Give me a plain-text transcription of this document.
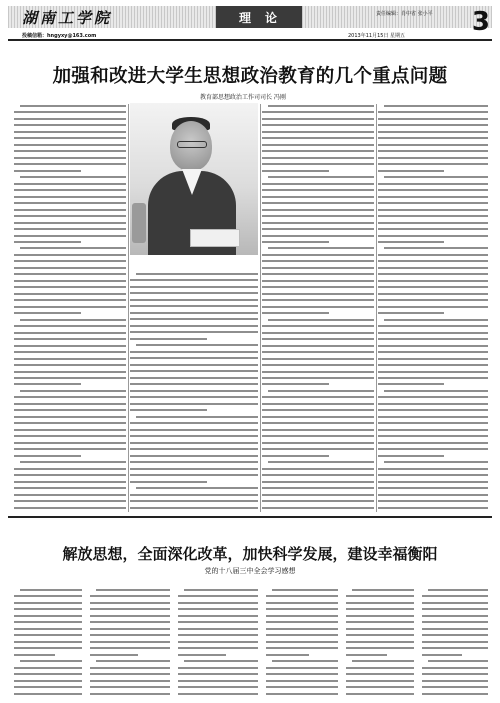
湖南工学院	理论	责任编辑：肖中省 张小平 3
投稿信箱：hngyxy@163.com	2013年11月15日 星期五
加强和改进大学生思想政治教育的几个重点问题
教育部思想政治工作司司长 冯刚
解放思想，全面深化改革，加快科学发展，建设幸福衡阳
党的十八届三中全会学习感想
